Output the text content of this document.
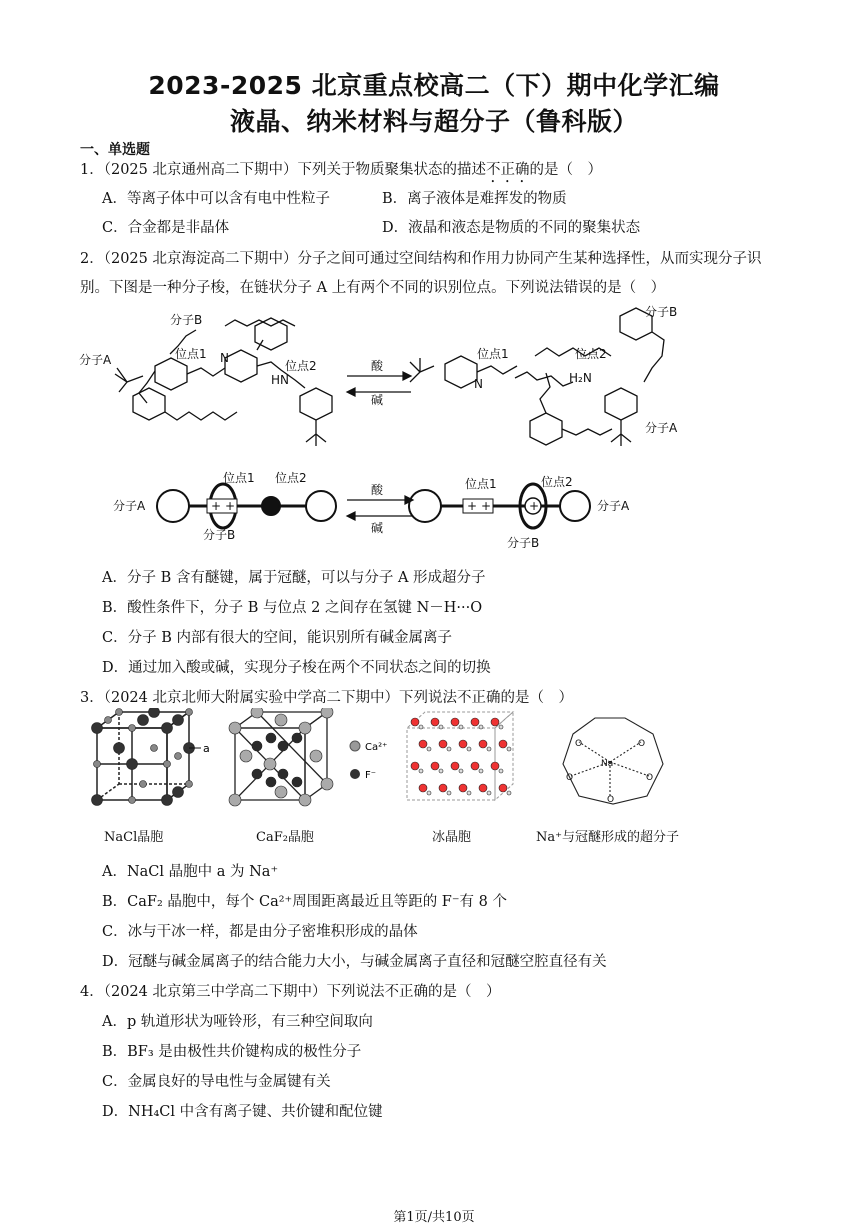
2023-2025 北京重点校高二（下）期中化学汇编
液晶、纳米材料与超分子（鲁科版）
一、单选题
1．（2025 北京通州高二下期中）下列关于物质聚集状态的描述不正确的是（　）
A．等离子体中可以含有电中性粒子	B．离子液体是难挥发的物质
C．合金都是非晶体	D．液晶和液态是物质的不同的聚集状态
2．（2025 北京海淀高二下期中）分子之间可通过空间结构和作用力协同产生某种选择性，从而实现分子识
别。下图是一种分子梭，在链状分子 A 上有两个不同的识别位点。下列说法错误的是（　）
分子B
分子A	位点1
位点2
HN
N
酸
碱
位点1	位点2
H₂N
分子B
分子A
N
分子A
分子B
位点1 位点2
酸
碱
位点1	位点2
分子B
分子A
+ +	+ +	+
A．分子 B 含有醚键，属于冠醚，可以与分子 A 形成超分子
B．酸性条件下，分子 B 与位点 2 之间存在氢键 N－H···O
C．分子 B 内部有很大的空间，能识别所有碱金属离子
D．通过加入酸或碱，实现分子梭在两个不同状态之间的切换
3．（2024 北京北师大附属实验中学高二下期中）下列说法不正确的是（　）
a	Ca²⁺
F⁻
O	O
O	O
O
Na
NaCl晶胞	CaF₂晶胞	冰晶胞	Na⁺与冠醚形成的超分子
A．NaCl 晶胞中 a 为 Na⁺
B．CaF₂ 晶胞中，每个 Ca²⁺周围距离最近且等距的 F⁻有 8 个
C．冰与干冰一样，都是由分子密堆积形成的晶体
D．冠醚与碱金属离子的结合能力大小，与碱金属离子直径和冠醚空腔直径有关
4．（2024 北京第三中学高二下期中）下列说法不正确的是（　）
A．p 轨道形状为哑铃形，有三种空间取向
B．BF₃ 是由极性共价键构成的极性分子
C．金属良好的导电性与金属键有关
D．NH₄Cl 中含有离子键、共价键和配位键
第1页/共10页
